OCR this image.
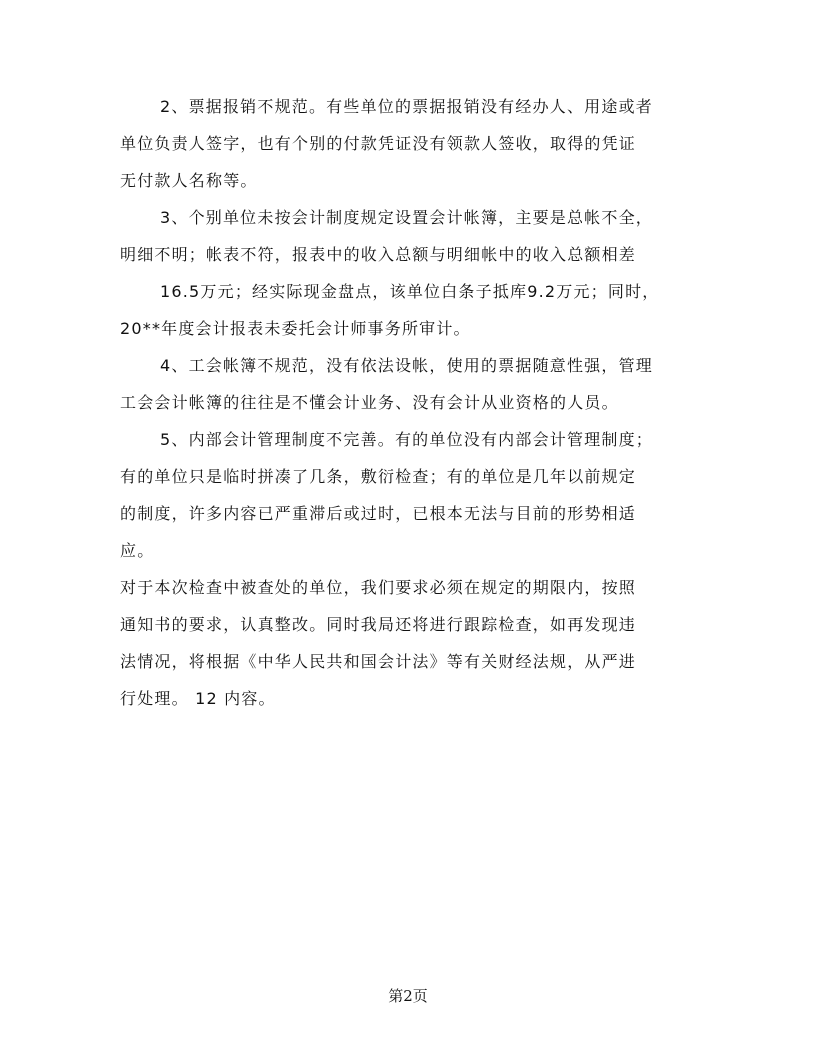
2、票据报销不规范。有些单位的票据报销没有经办人、用途或者
单位负责人签字，也有个别的付款凭证没有领款人签收，取得的凭证
无付款人名称等。
3、个别单位未按会计制度规定设置会计帐簿，主要是总帐不全，
明细不明；帐表不符，报表中的收入总额与明细帐中的收入总额相差
16.5万元；经实际现金盘点，该单位白条子抵库9.2万元；同时，
20**年度会计报表未委托会计师事务所审计。
4、工会帐簿不规范，没有依法设帐，使用的票据随意性强，管理
工会会计帐簿的往往是不懂会计业务、没有会计从业资格的人员。
5、内部会计管理制度不完善。有的单位没有内部会计管理制度；
有的单位只是临时拼凑了几条，敷衍检查；有的单位是几年以前规定
的制度，许多内容已严重滞后或过时，已根本无法与目前的形势相适
应。
对于本次检查中被查处的单位，我们要求必须在规定的期限内，按照
通知书的要求，认真整改。同时我局还将进行跟踪检查，如再发现违
法情况，将根据《中华人民共和国会计法》等有关财经法规，从严进
行处理。 12 内容。
第2页
